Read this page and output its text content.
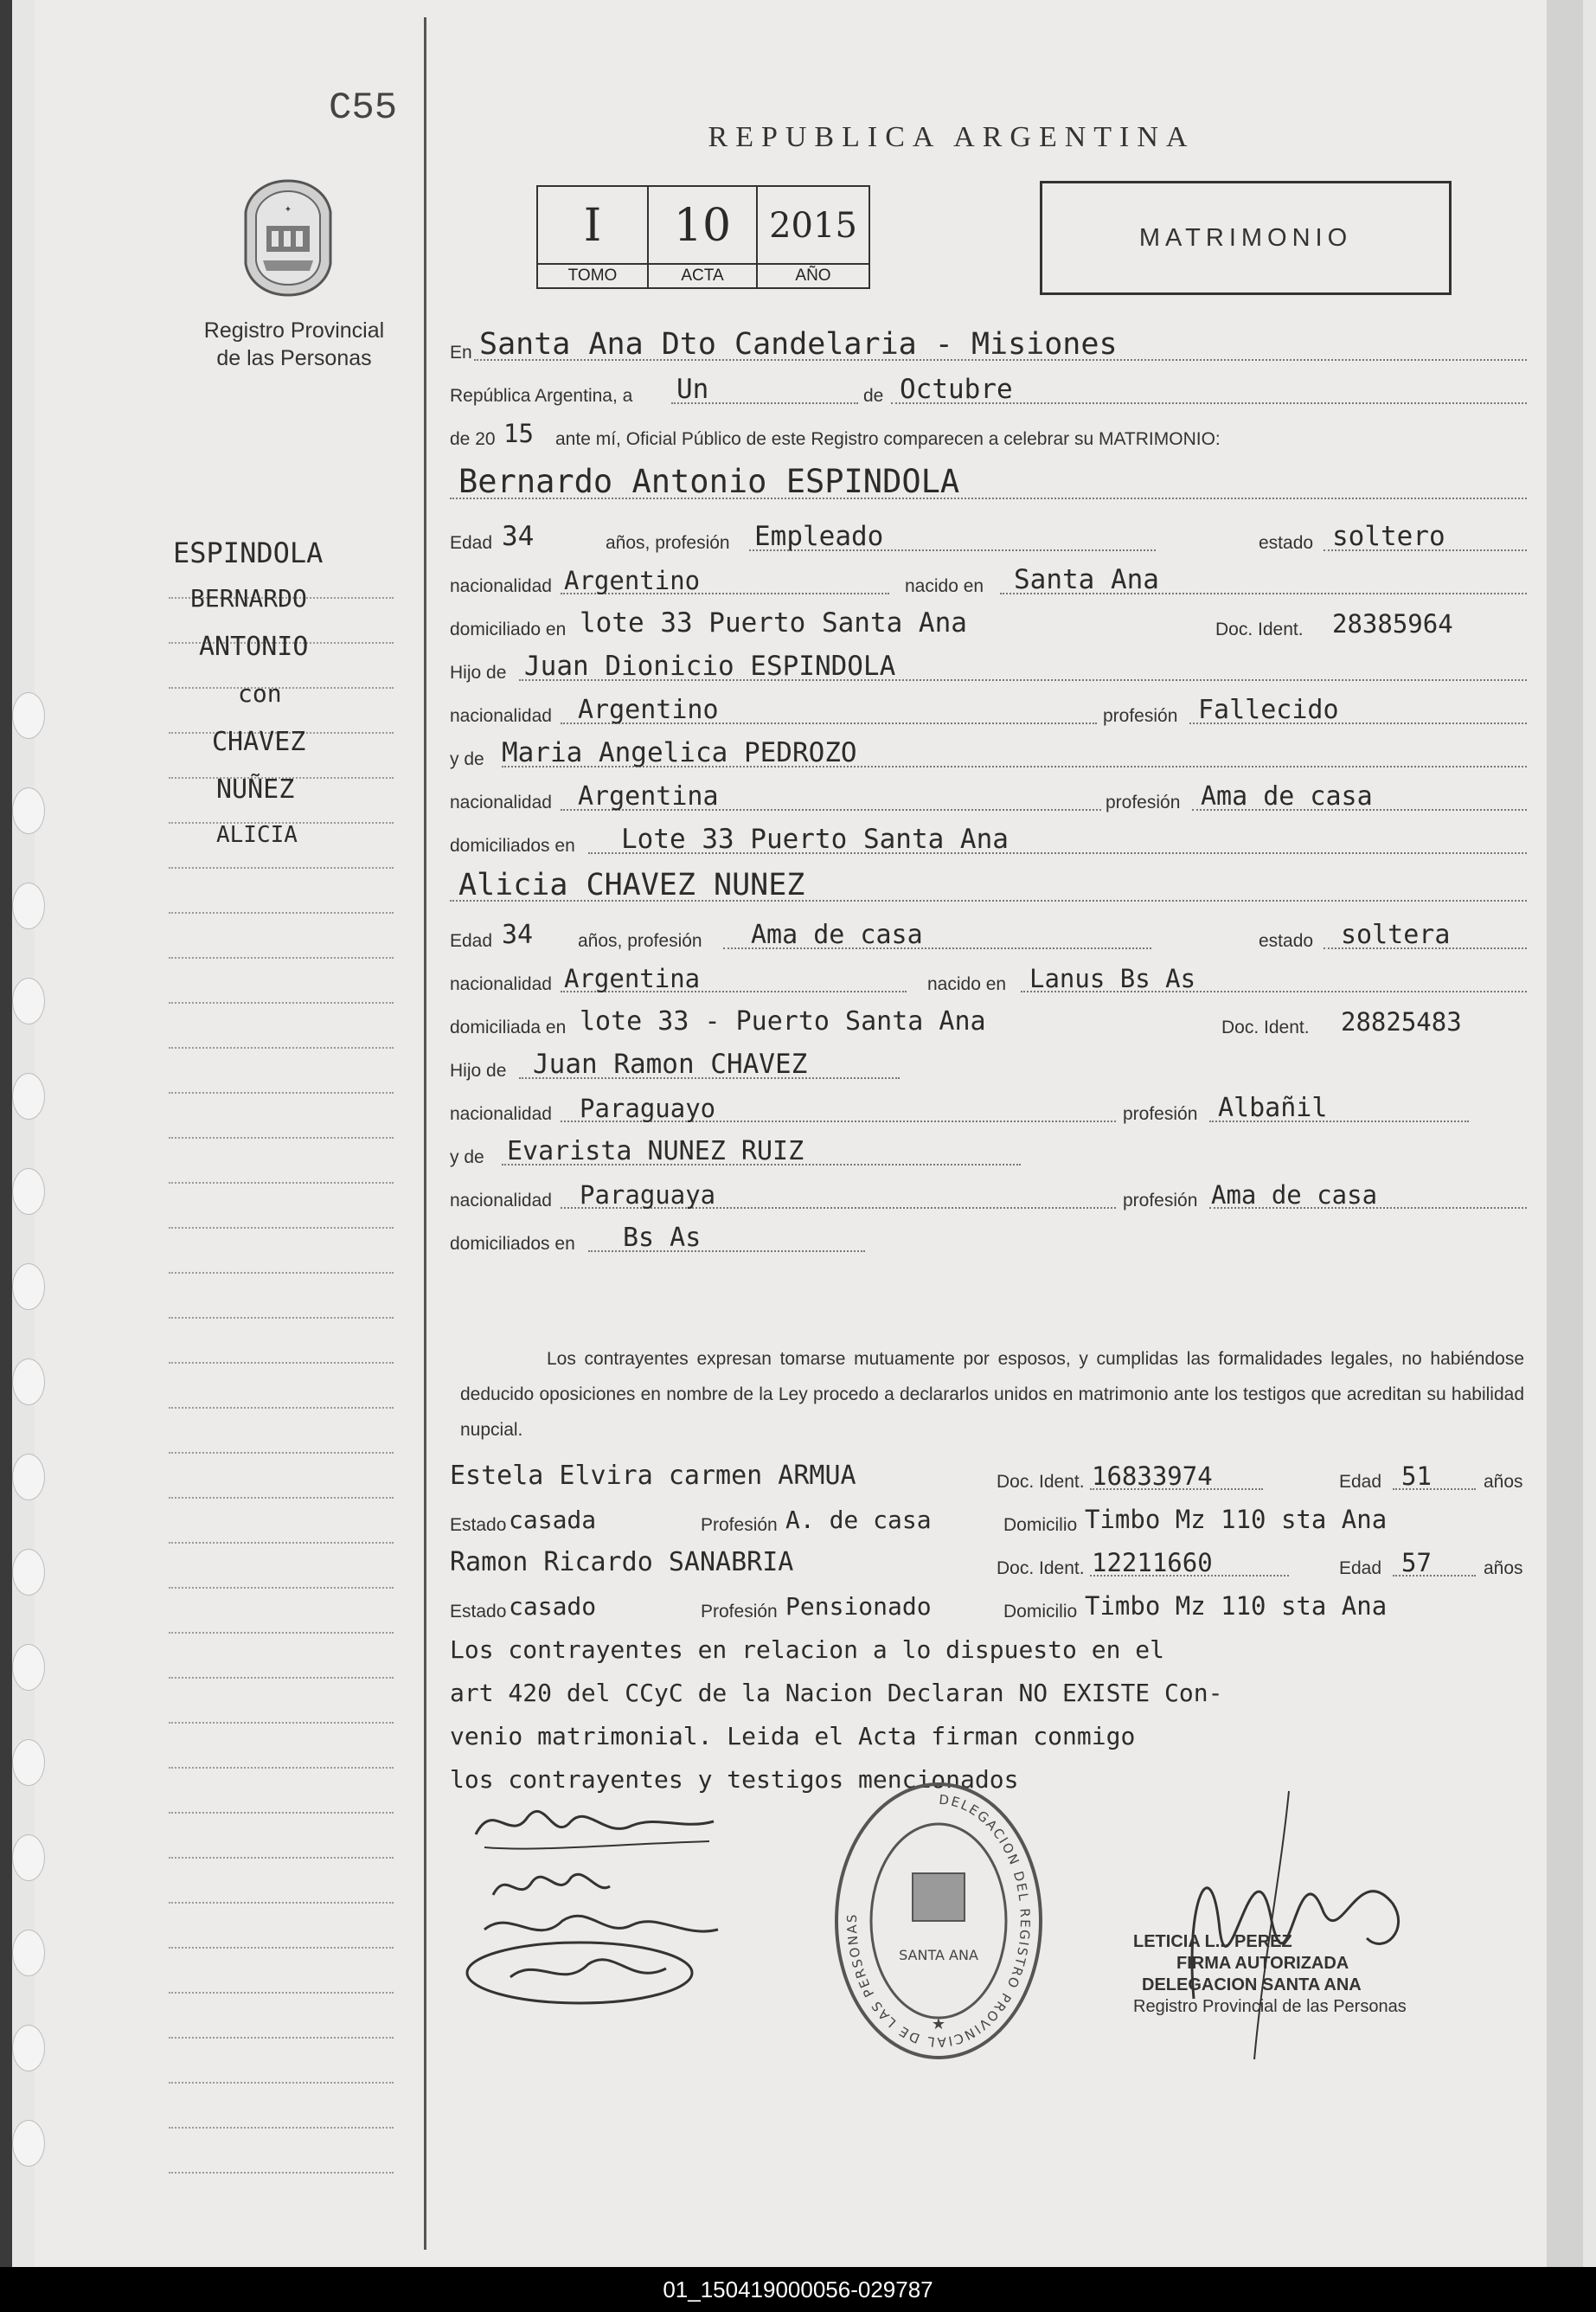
C55
✦
Registro Provincial
de las Personas
REPUBLICA ARGENTINA
I
TOMO
10
ACTA
2015
AÑO
MATRIMONIO
ESPINDOLA
BERNARDO
ANTONIO
con
CHAVEZ
NUÑEZ
ALICIA
En Santa Ana Dto Candelaria - Misiones
República Argentina, a Un	de Octubre
de 20 15 ante mí, Oficial Público de este Registro comparecen a celebrar su MATRIMONIO:
Bernardo Antonio ESPINDOLA
Edad 34	años, profesión Empleado	estado soltero
nacionalidad Argentino	nacido en Santa Ana
domiciliado en lote 33 Puerto Santa Ana	Doc. Ident. 28385964
Hijo de Juan Dionicio ESPINDOLA
nacionalidad Argentino	profesión Fallecido
y de Maria Angelica PEDROZO
nacionalidad Argentina	profesión Ama de casa
domiciliados en Lote 33 Puerto Santa Ana
Alicia CHAVEZ NUNEZ
Edad 34 años, profesión Ama de casa	estado soltera
nacionalidad Argentina	nacido en Lanus Bs As
domiciliada en lote 33 - Puerto Santa Ana	Doc. Ident. 28825483
Hijo de Juan Ramon CHAVEZ
nacionalidad Paraguayo	profesión Albañil
y de Evarista NUNEZ RUIZ
nacionalidad Paraguaya	profesión Ama de casa
domiciliados en Bs As
Estela Elvira carmen ARMUA	Doc. Ident. 16833974	Edad 51	años
Estado casada	Profesión A. de casa	Domicilio Timbo Mz 110 sta Ana
Ramon Ricardo SANABRIA	Doc. Ident. 12211660	Edad 57	años
Estado casado	Profesión Pensionado	Domicilio Timbo Mz 110 sta Ana
Los contrayentes en relacion a lo dispuesto en el
art 420 del CCyC de la Nacion Declaran NO EXISTE Con-
venio matrimonial. Leida el Acta firman conmigo
los contrayentes y testigos mencionados
Los contrayentes expresan tomarse mutuamente por esposos, y cumplidas las formalidades legales, no habiéndose deducido oposiciones en nombre de la Ley procedo a declararlos unidos en matrimonio ante los testigos que acreditan su habilidad nupcial.
DELEGACION DEL REGISTRO PROVINCIAL DE LAS PERSONAS
SANTA ANA
★
LETICIA L... PEREZ
FIRMA AUTORIZADA
DELEGACION SANTA ANA
Registro Provincial de las Personas
01_150419000056-029787
